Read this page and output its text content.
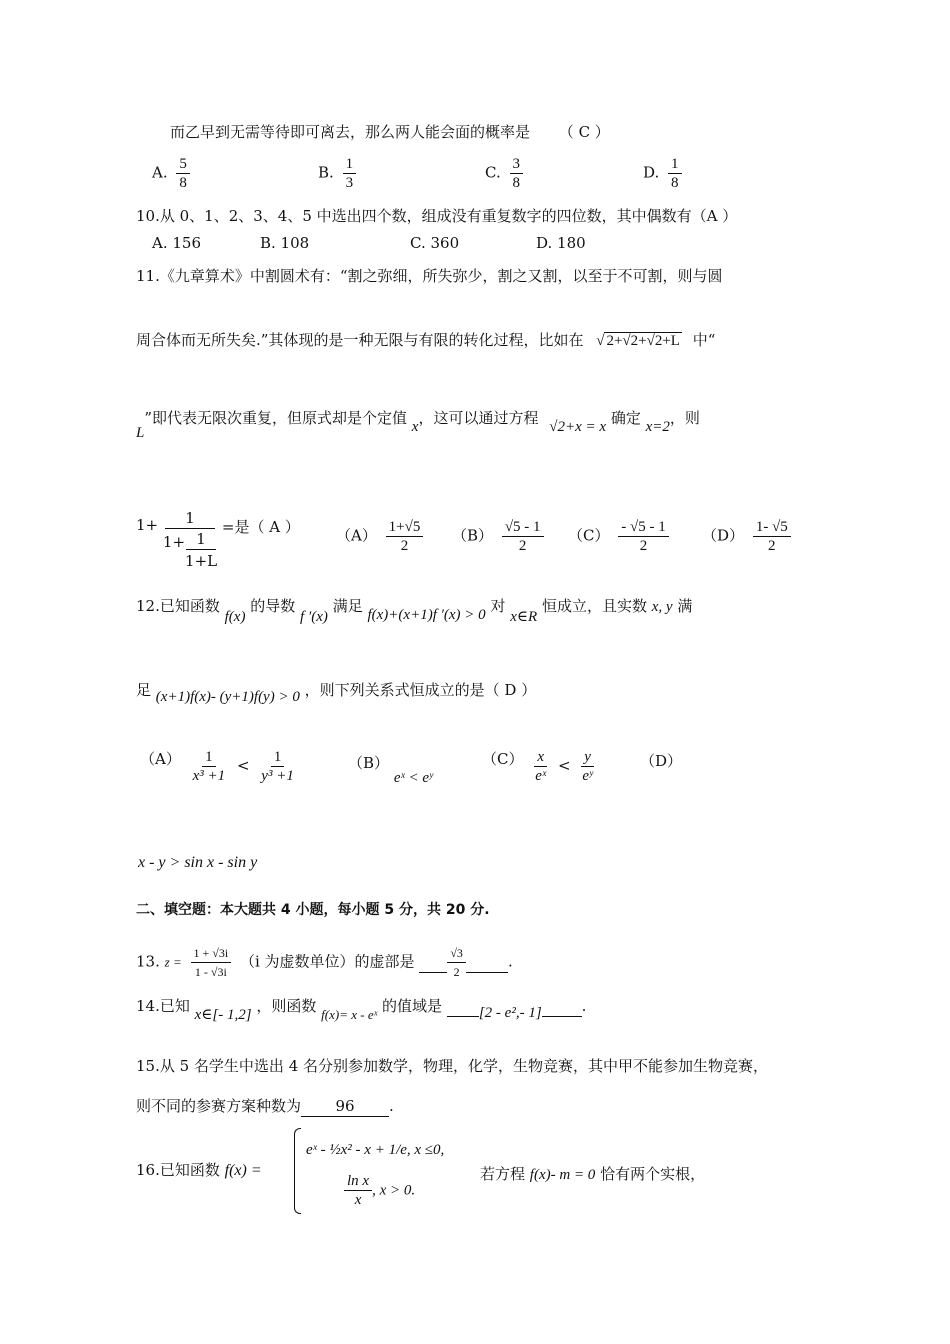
而乙早到无需等待即可离去，那么两人能会面的概率是 （ C ）
A. $\frac{5}{8}$	B. $\frac{1}{3}$	C. $\frac{3}{8}$	D. $\frac{1}{8}$
10.从 0、1、2、3、4、5 中选出四个数，组成没有重复数字的四位数，其中偶数有（A ）
A. 156	B. 108	C. 360	D. 180
11.《九章算术》中割圆术有：“割之弥细，所失弥少，割之又割，以至于不可割，则与圆
周合体而无所失矣.”其体现的是一种无限与有限的转化过程，比如在 √ 2+√2+√2+L 中“
L”即代表无限次重复，但原式却是个定值 x，这可以通过方程 √2+x = x 确定 x=2，则
$1+ \frac{1}{1+ \frac{1}{1+L}}$ =是（ A ） $(A) \frac{1+√5}{2} (B) \frac{√5 - 1}{2} (C) \frac{- √5 - 1}{2} (D) \frac{1- √5}{2}$
12.已知函数 f(x) 的导数 f ′(x) 满足 f(x)+(x+1)f ′(x) > 0 对 x∈R 恒成立，且实数 x, y 满
足 (x+1)f(x)- (y+1)f(y) > 0 ，则下列关系式恒成立的是（ D ）
$(A) \frac{1}{\text{x³ +1}} < \frac{1}{\text{y³ +1}}$	（B） eˣ < eʸ
$(C) \frac{x}{\text{eˣ}} < \frac{y}{\text{eʸ}}$	（D）
x - y > sin x - sin y
二、填空题：本大题共 4 小题，每小题 5 分，共 20 分.
13. $z = \frac{1 + √3i}{1 - √3i} (i$ 为虚数单位）的虚部是	$\frac{√3}{2}$	.
14.已知 x∈[- 1,2] ，则函数 f(x)= x - eˣ 的值域是 [2 - e²,- 1]	.
15.从 5 名学生中选出 4 名分别参加数学，物理，化学，生物竞赛，其中甲不能参加生物竞赛，
则不同的参赛方案种数为 96 .
16.已知函数 f(x) =
eˣ - ½x² - x + 1/e, x ≤0,
$\frac{\text{ln x}}{x}$ , x > 0.
若方程 f(x)- m = 0 恰有两个实根，
